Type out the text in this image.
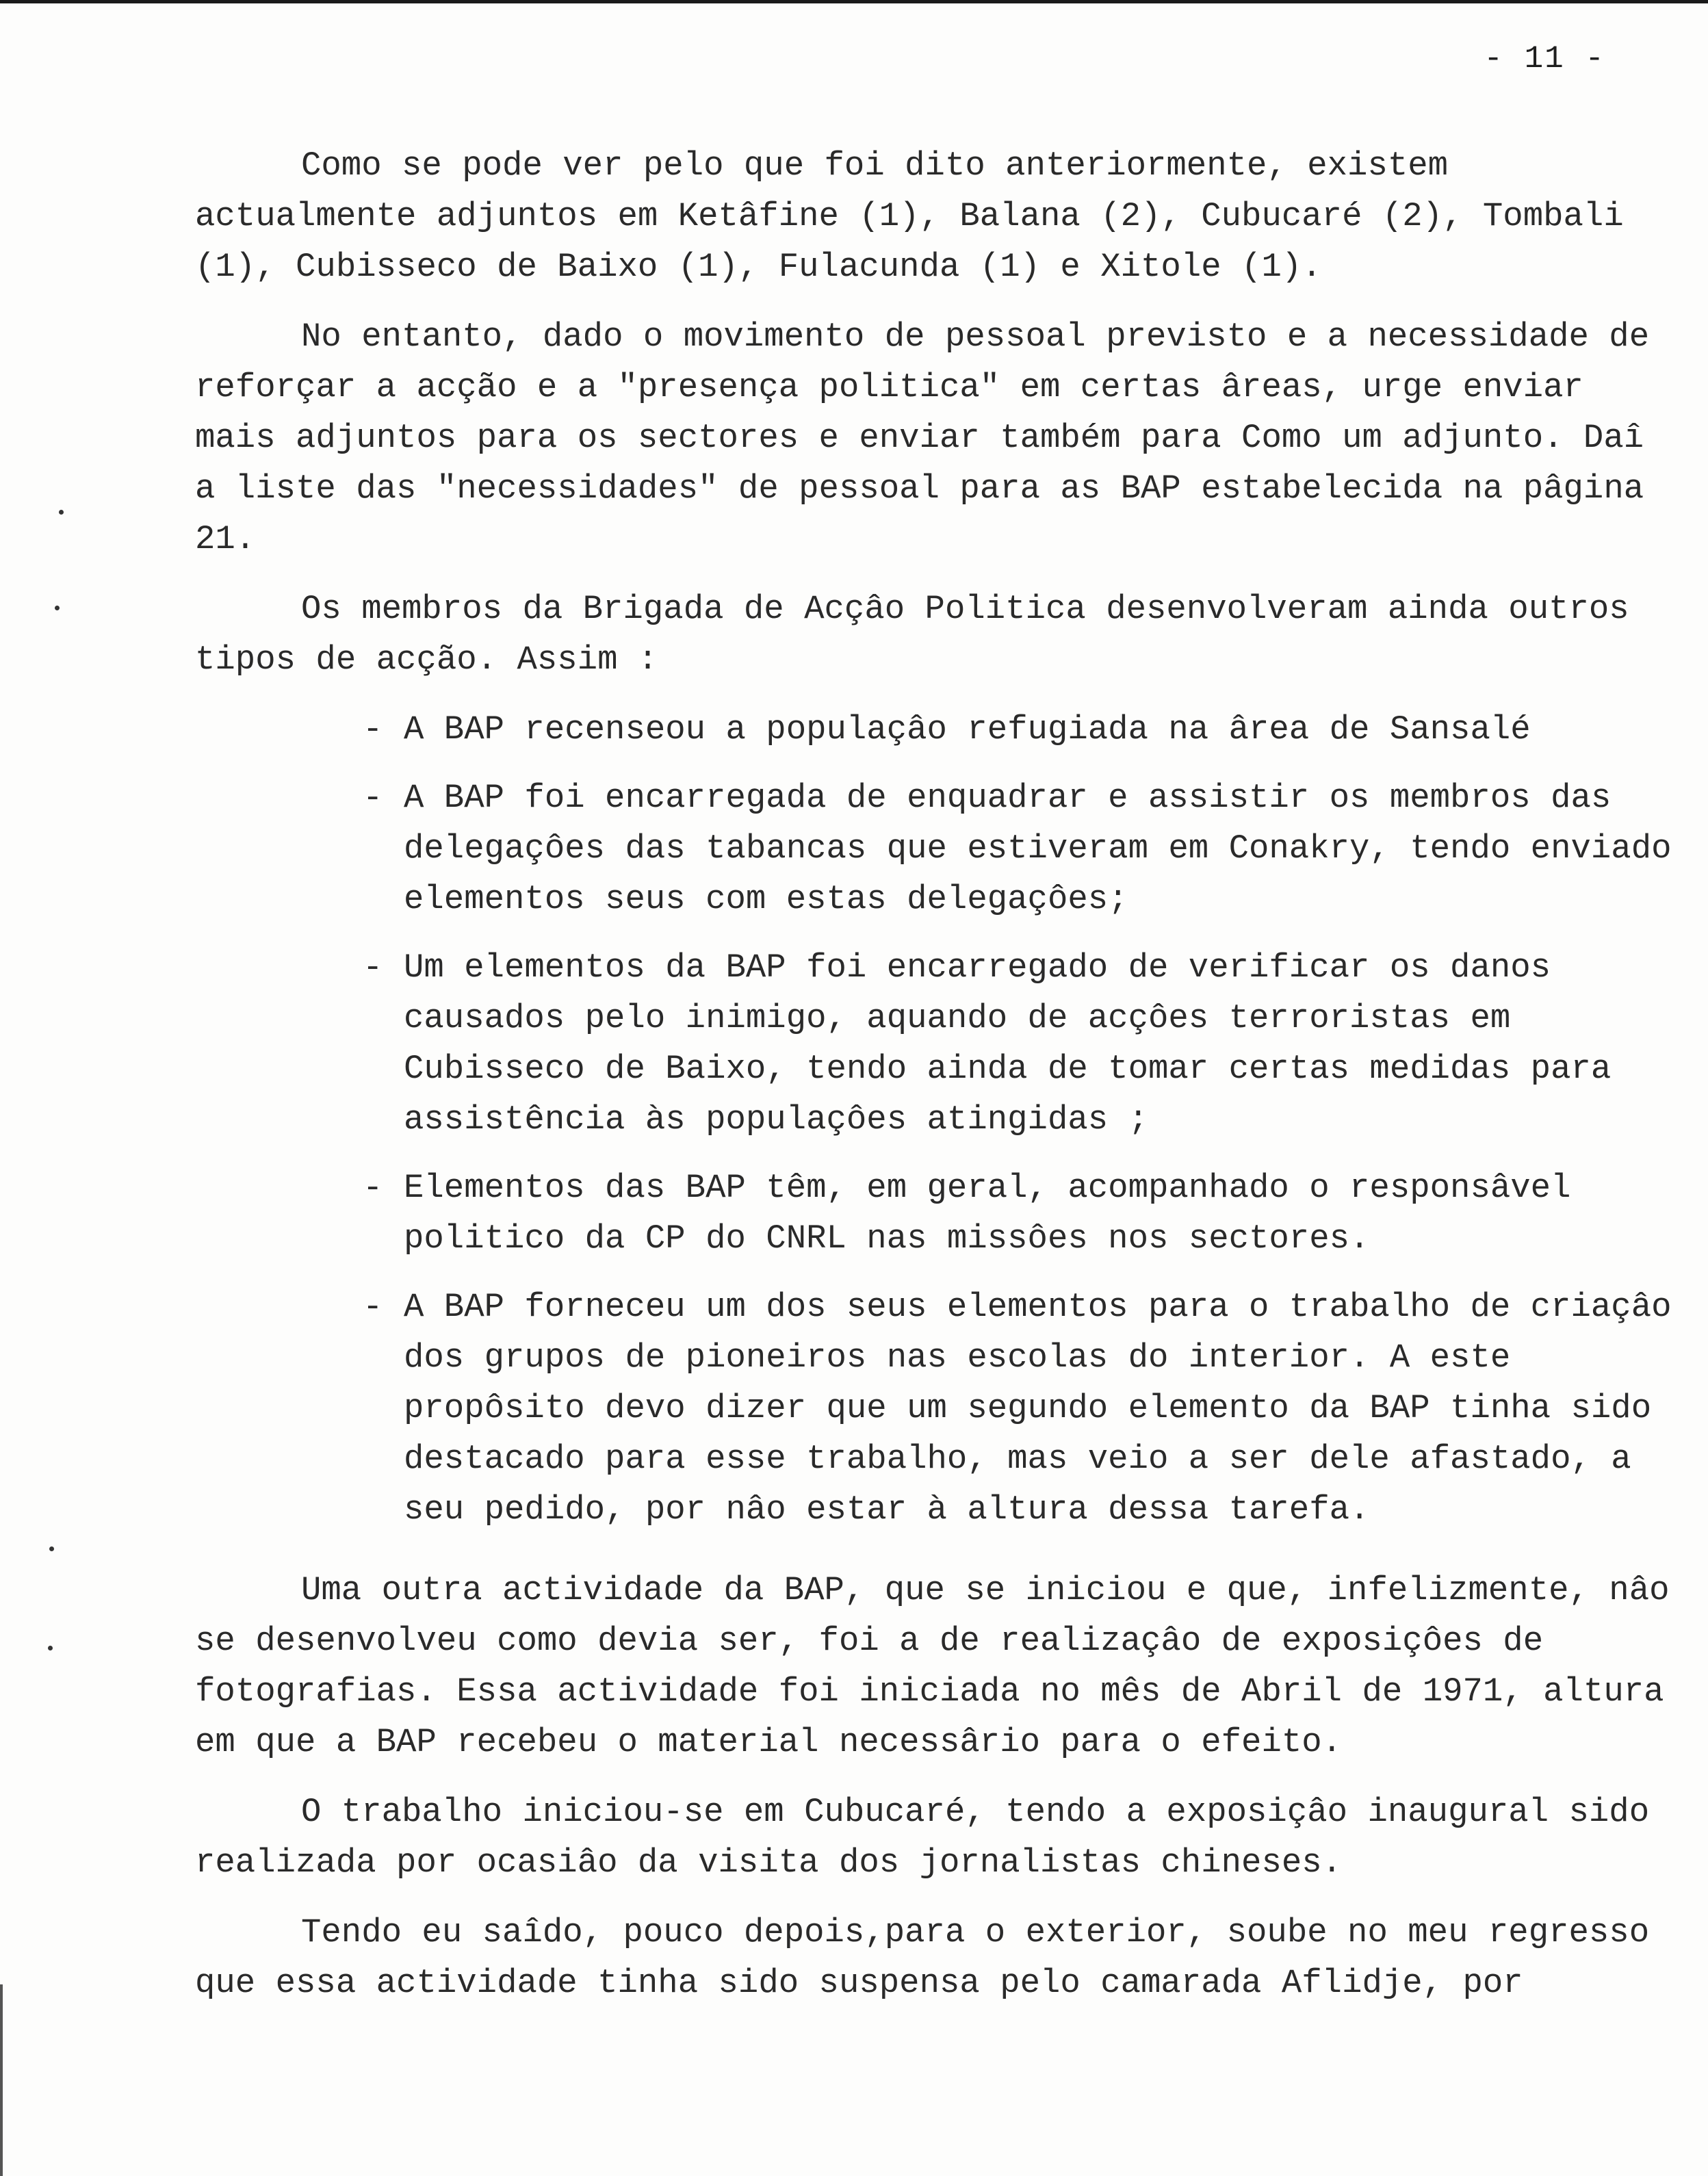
- 11 -

Como se pode ver pelo que foi dito anteriormente, existem actualmente adjuntos em Ketâfine (1), Balana (2), Cubucaré (2), Tombali (1), Cubisseco de Baixo (1), Fulacunda (1) e Xitole (1).

No entanto, dado o movimento de pessoal previsto e a necessidade de reforçar a acção e a "presença politica" em certas âreas, urge enviar mais adjuntos para os sectores e enviar também para Como um adjunto. Daî a liste das "necessidades" de pessoal para as BAP estabelecida na pâgina 21.

Os membros da Brigada de Acçâo Politica desenvolveram ainda outros tipos de acção. Assim :

- A BAP recenseou a populaçâo refugiada na ârea de Sansalé
- A BAP foi encarregada de enquadrar e assistir os membros das delegaçôes das tabancas que estiveram em Conakry, tendo enviado elementos seus com estas delegaçôes;
- Um elementos da BAP foi encarregado de verificar os danos causados pelo inimigo, aquando de acçôes terroristas em Cubisseco de Baixo, tendo ainda de tomar certas medidas para assistência às populaçôes atingidas ;
- Elementos das BAP têm, em geral, acompanhado o responsâvel politico da CP do CNRL nas missôes nos sectores.
- A BAP forneceu um dos seus elementos para o trabalho de criaçâo dos grupos de pioneiros nas escolas do interior. A este propôsito devo dizer que um segundo elemento da BAP tinha sido destacado para esse trabalho, mas veio a ser dele afastado, a seu pedido, por nâo estar à altura dessa tarefa.

Uma outra actividade da BAP, que se iniciou e que, infelizmente, nâo se desenvolveu como devia ser, foi a de realizaçâo de exposiçôes de fotografias. Essa actividade foi iniciada no mês de Abril de 1971, altura em que a BAP recebeu o material necessârio para o efeito.

O trabalho iniciou-se em Cubucaré, tendo a exposiçâo inaugural sido realizada por ocasiâo da visita dos jornalistas chineses.

Tendo eu saîdo, pouco depois,para o exterior, soube no meu regresso que essa actividade tinha sido suspensa pelo camarada Aflidje, por
